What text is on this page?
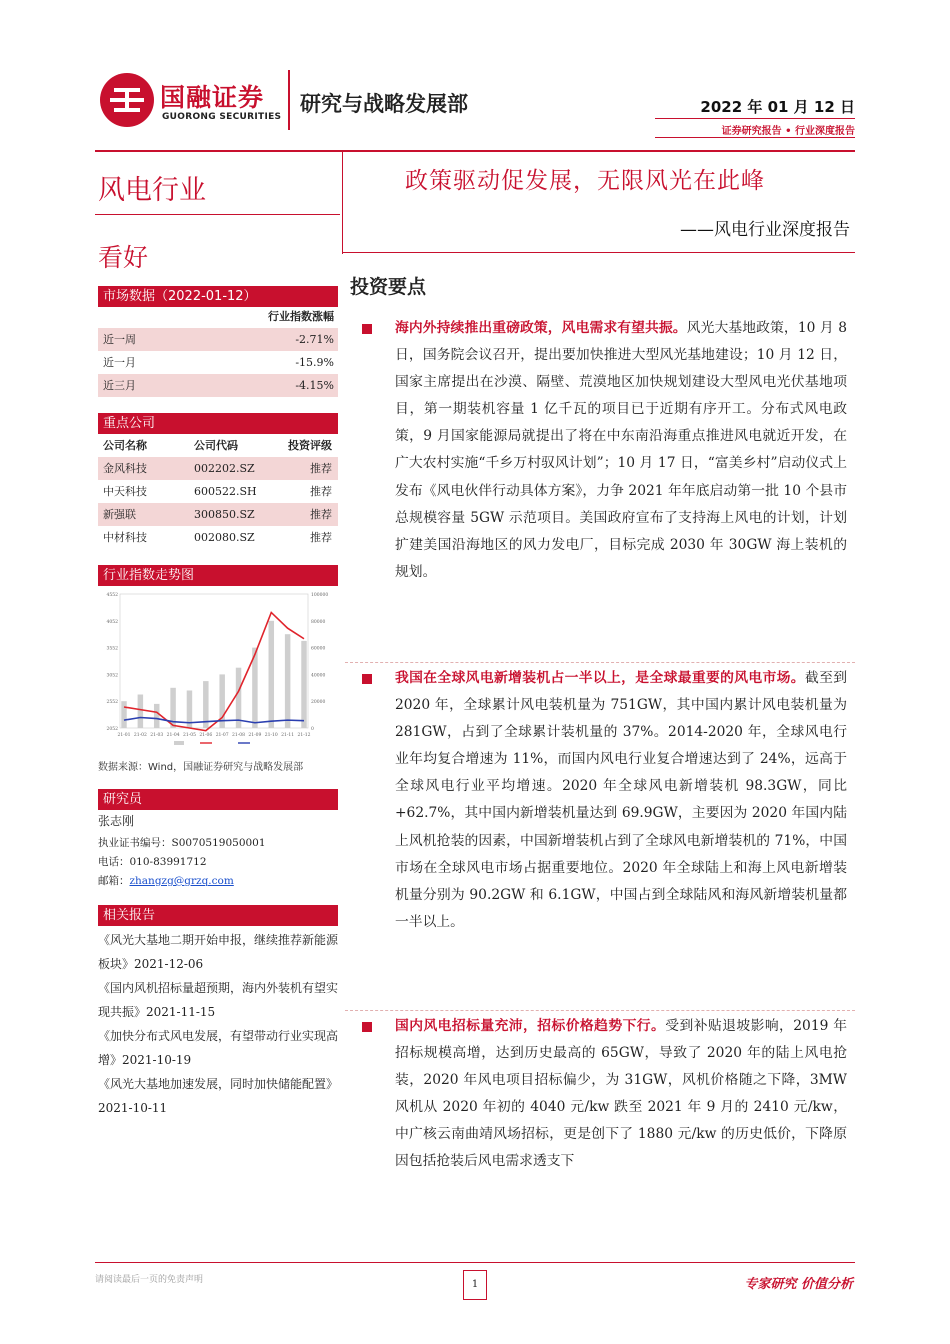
国融证券
GUORONG SECURITIES
研究与战略发展部	2022 年 01 月 12 日
证券研究报告 • 行业深度报告
风电行业
看好
市场数据（2022-01-12）
行业指数涨幅
近一周	-2.71%
近一月	-15.9%
近三月	-4.15%
重点公司
公司名称	公司代码	投资评级
金风科技	002202.SZ	推荐
中天科技	600522.SH	推荐
新强联	300850.SZ	推荐
中材科技	002080.SZ	推荐
行业指数走势图
4552
4052
3552
3052
2552
2052
100000
80000
60000
40000
20000
0
21-01 21-02 21-03 21-04 21-05 21-06 21-07 21-08 21-09 21-10 21-11 21-12
数据来源：Wind，国融证券研究与战略发展部
研究员
张志刚
执业证书编号：S0070519050001
电话：010-83991712
邮箱：zhangzg@grzq.com
相关报告
《风光大基地二期开始申报，继续推荐新能源板块》2021-12-06
《国内风机招标量超预期，海内外装机有望实现共振》2021-11-15
《加快分布式风电发展，有望带动行业实现高增》2021-10-19
《风光大基地加速发展，同时加快储能配置》2021-10-11
政策驱动促发展，无限风光在此峰
——风电行业深度报告
投资要点
海内外持续推出重磅政策，风电需求有望共振。风光大基地政策，10 月 8 日，国务院会议召开，提出要加快推进大型风光基地建设；10 月 12 日，国家主席提出在沙漠、隔壁、荒漠地区加快规划建设大型风电光伏基地项目，第一期装机容量 1 亿千瓦的项目已于近期有序开工。分布式风电政策，9 月国家能源局就提出了将在中东南沿海重点推进风电就近开发，在广大农村实施“千乡万村驭风计划”；10 月 17 日，“富美乡村”启动仪式上发布《风电伙伴行动具体方案》，力争 2021 年年底启动第一批 10 个县市总规模容量 5GW 示范项目。美国政府宣布了支持海上风电的计划，计划扩建美国沿海地区的风力发电厂，目标完成 2030 年 30GW 海上装机的规划。
我国在全球风电新增装机占一半以上，是全球最重要的风电市场。截至到 2020 年，全球累计风电装机量为 751GW，其中国内累计风电装机量为 281GW，占到了全球累计装机量的 37%。2014-2020 年，全球风电行业年均复合增速为 11%，而国内风电行业复合增速达到了 24%，远高于全球风电行业平均增速。2020 年全球风电新增装机 98.3GW，同比+62.7%，其中国内新增装机量达到 69.9GW，主要因为 2020 年国内陆上风机抢装的因素，中国新增装机占到了全球风电新增装机的 71%，中国市场在全球风电市场占据重要地位。2020 年全球陆上和海上风电新增装机量分别为 90.2GW 和 6.1GW，中国占到全球陆风和海风新增装机量都一半以上。
国内风电招标量充沛，招标价格趋势下行。受到补贴退坡影响，2019 年招标规模高增，达到历史最高的 65GW，导致了 2020 年的陆上风电抢装，2020 年风电项目招标偏少，为 31GW，风机价格随之下降，3MW 风机从 2020 年初的 4040 元/kw 跌至 2021 年 9 月的 2410 元/kw，中广核云南曲靖风场招标，更是创下了 1880 元/kw 的历史低价，下降原因包括抢装后风电需求透支下
请阅读最后一页的免责声明	1	专家研究 价值分析
